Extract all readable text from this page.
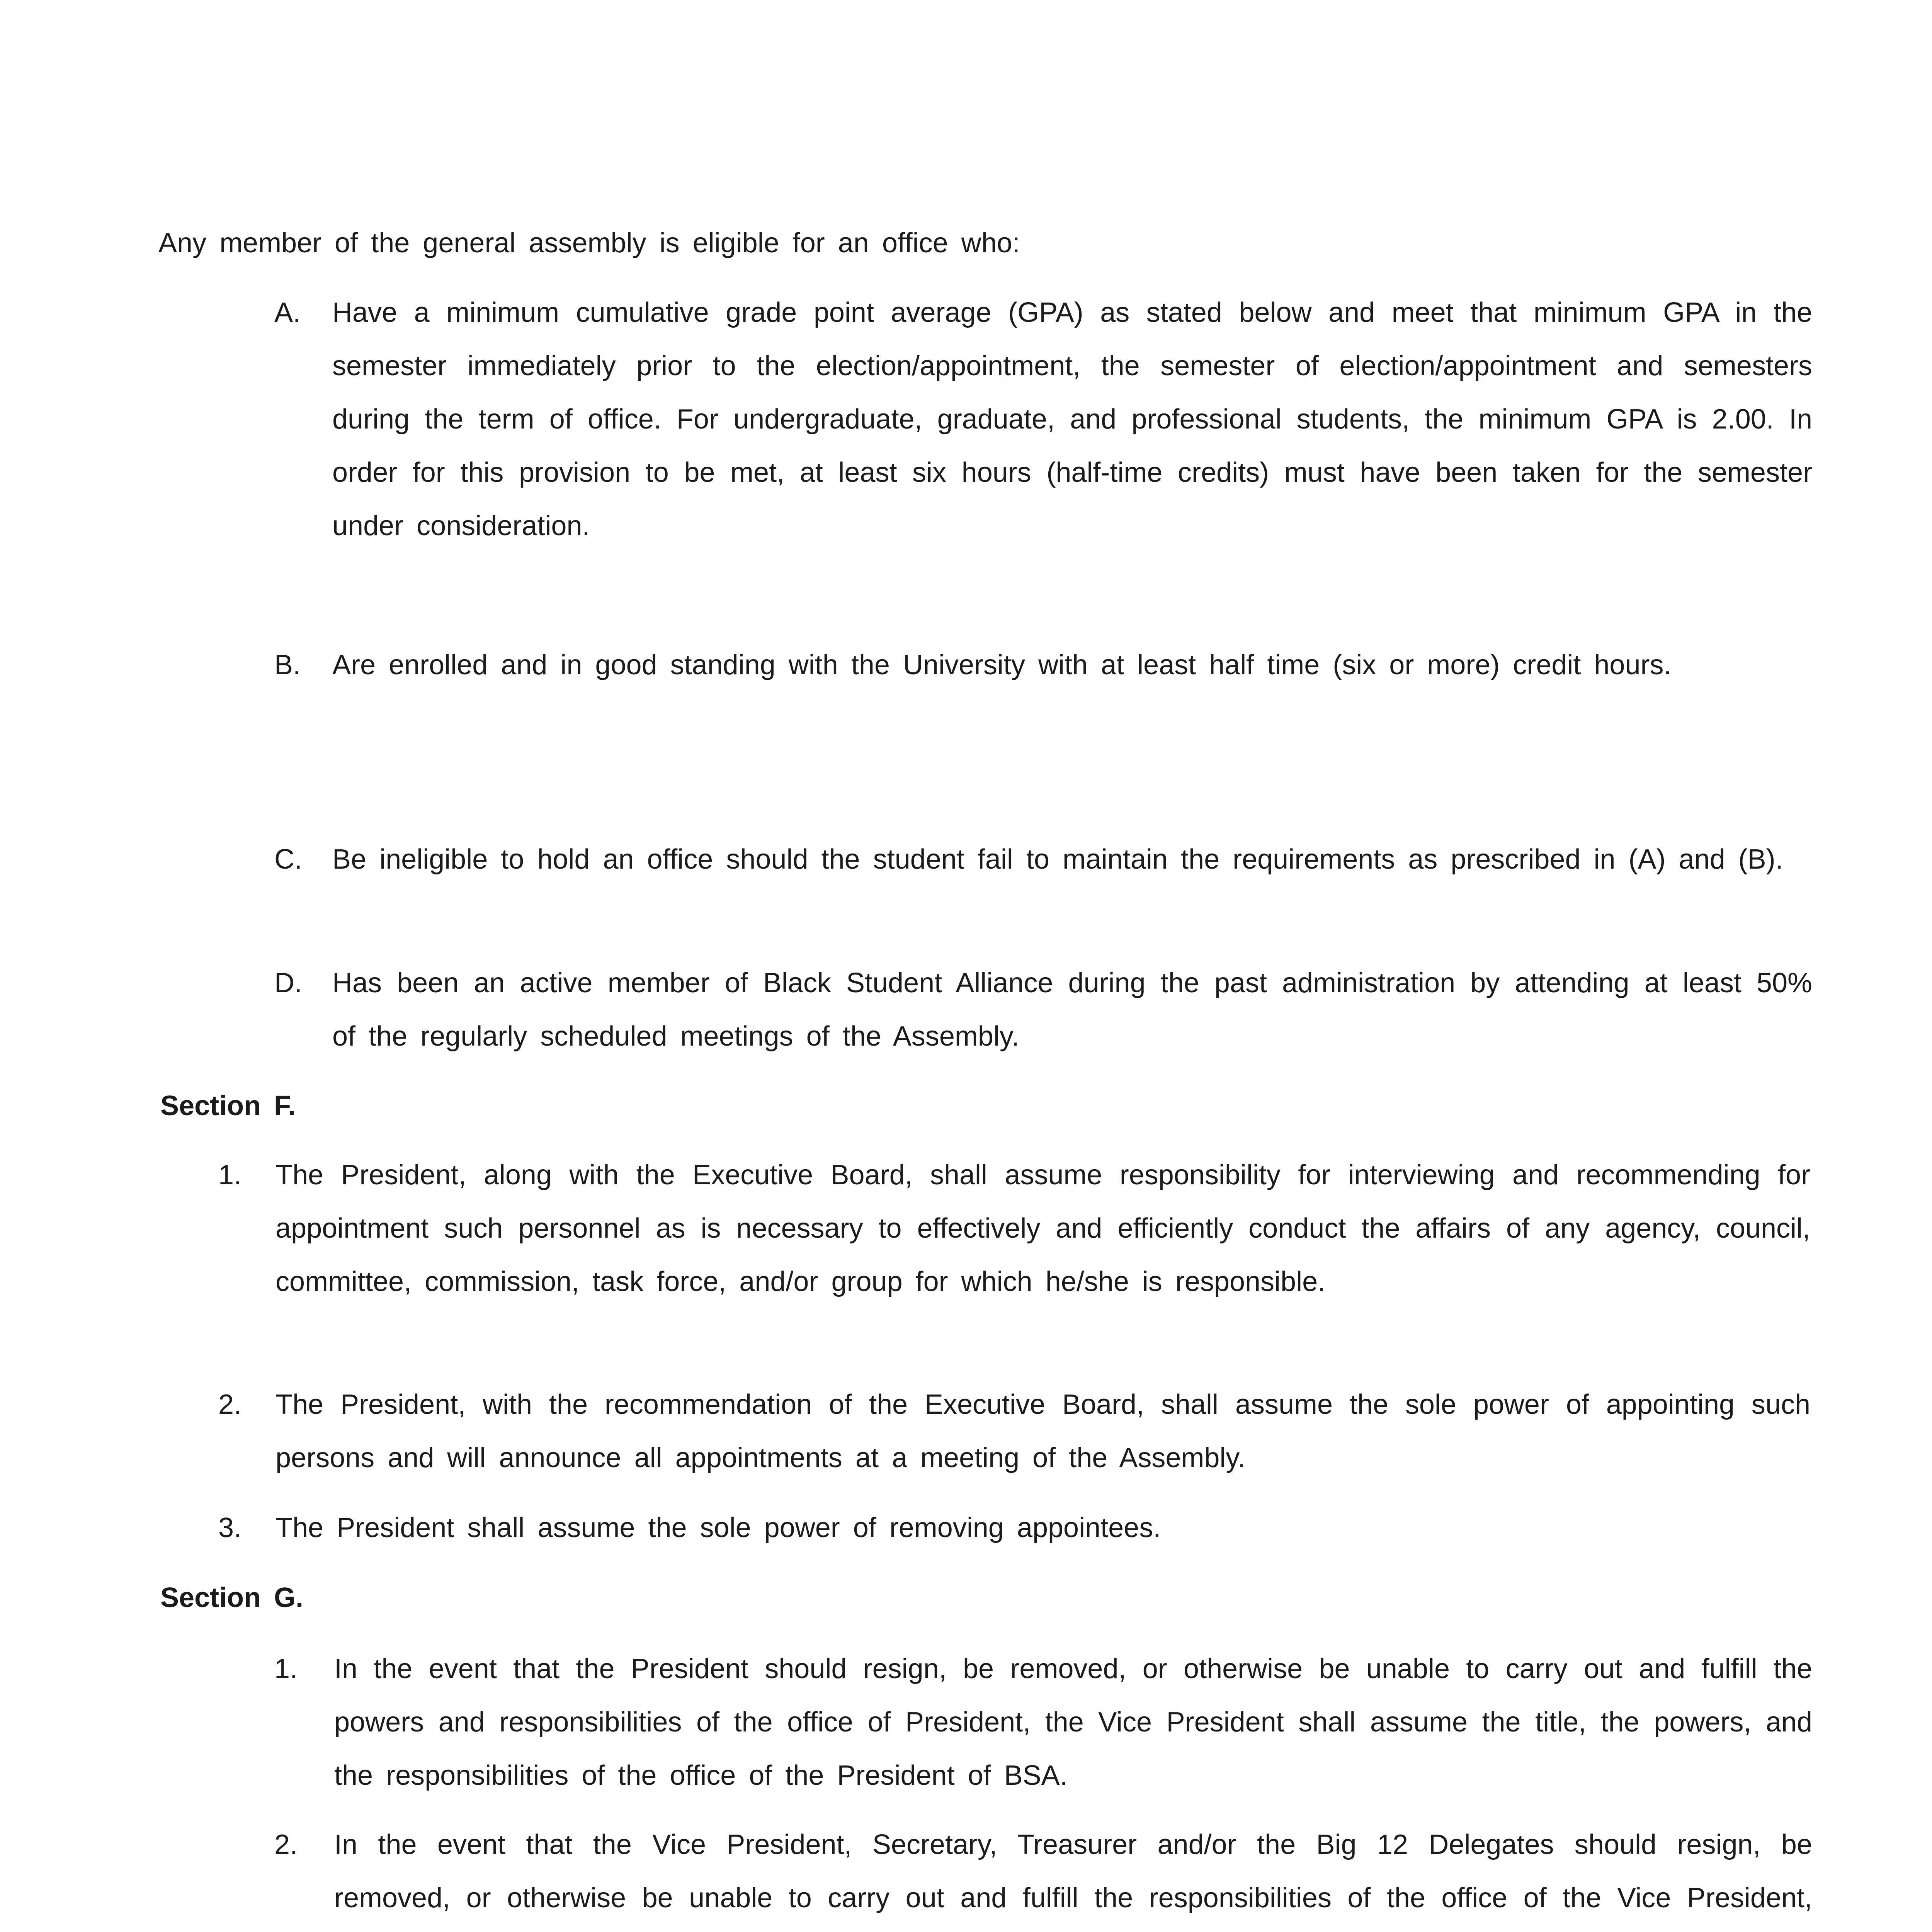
Any member of the general assembly is eligible for an office who:

A. Have a minimum cumulative grade point average (GPA) as stated below and meet that minimum GPA in the semester immediately prior to the election/appointment, the semester of election/appointment and semesters during the term of office. For undergraduate, graduate, and professional students, the minimum GPA is 2.00. In order for this provision to be met, at least six hours (half-time credits) must have been taken for the semester under consideration.
B. Are enrolled and in good standing with the University with at least half time (six or more) credit hours.
C. Be ineligible to hold an office should the student fail to maintain the requirements as prescribed in (A) and (B).
D. Has been an active member of Black Student Alliance during the past administration by attending at least 50% of the regularly scheduled meetings of the Assembly.
Section F.
1. The President, along with the Executive Board, shall assume responsibility for interviewing and recommending for appointment such personnel as is necessary to effectively and efficiently conduct the affairs of any agency, council, committee, commission, task force, and/or group for which he/she is responsible.
2. The President, with the recommendation of the Executive Board, shall assume the sole power of appointing such persons and will announce all appointments at a meeting of the Assembly.
3. The President shall assume the sole power of removing appointees.
Section G.
1. In the event that the President should resign, be removed, or otherwise be unable to carry out and fulfill the powers and responsibilities of the office of President, the Vice President shall assume the title, the powers, and the responsibilities of the office of the President of BSA.
2. In the event that the Vice President, Secretary, Treasurer and/or the Big 12 Delegates should resign, be removed, or otherwise be unable to carry out and fulfill the responsibilities of the office of the Vice President,
